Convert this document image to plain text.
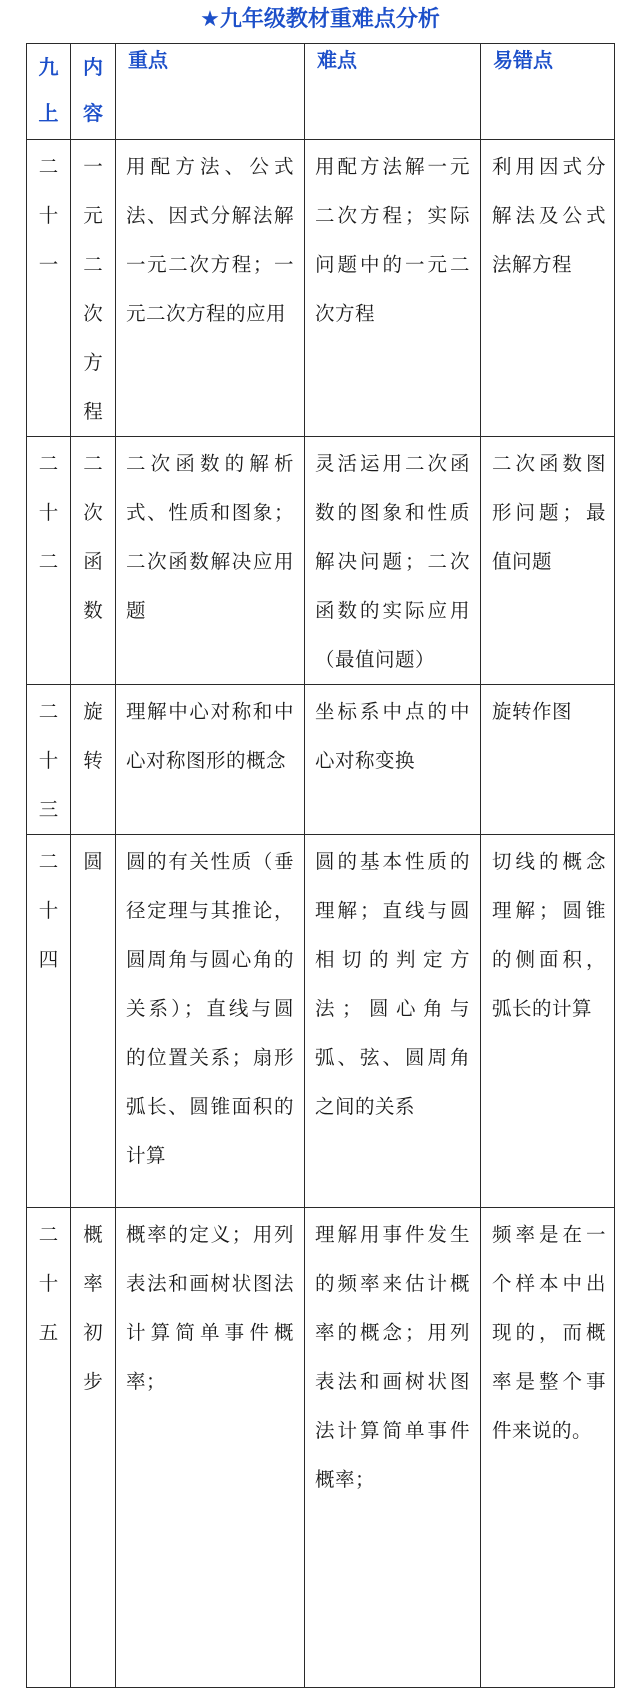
★九年级教材重难点分析
九上	内容	重点	难点	易错点

二十一	一元二次方程	用配方法、公式法、因式分解法解一元二次方程；一元二次方程的应用	用配方法解一元二次方程；实际问题中的一元二次方程	利用因式分解法及公式法解方程

二十二	二次函数	二次函数的解析式、性质和图象；二次函数解决应用题	灵活运用二次函数的图象和性质解决问题；二次函数的实际应用（最值问题）	二次函数图形问题；最值问题

二十三	旋转	理解中心对称和中心对称图形的概念	坐标系中点的中心对称变换	旋转作图

二十四	圆	圆的有关性质（垂径定理与其推论，圆周角与圆心角的关系）；直线与圆的位置关系；扇形弧长、圆锥面积的计算	圆的基本性质的理解；直线与圆相切的判定方法；圆心角与弧、弦、圆周角之间的关系	切线的概念理解；圆锥的侧面积，弧长的计算

二十五	概率初步	概率的定义；用列表法和画树状图法计算简单事件概率；	理解用事件发生的频率来估计概率的概念；用列表法和画树状图法计算简单事件概率；	频率是在一个样本中出现的，而概率是整个事件来说的。
